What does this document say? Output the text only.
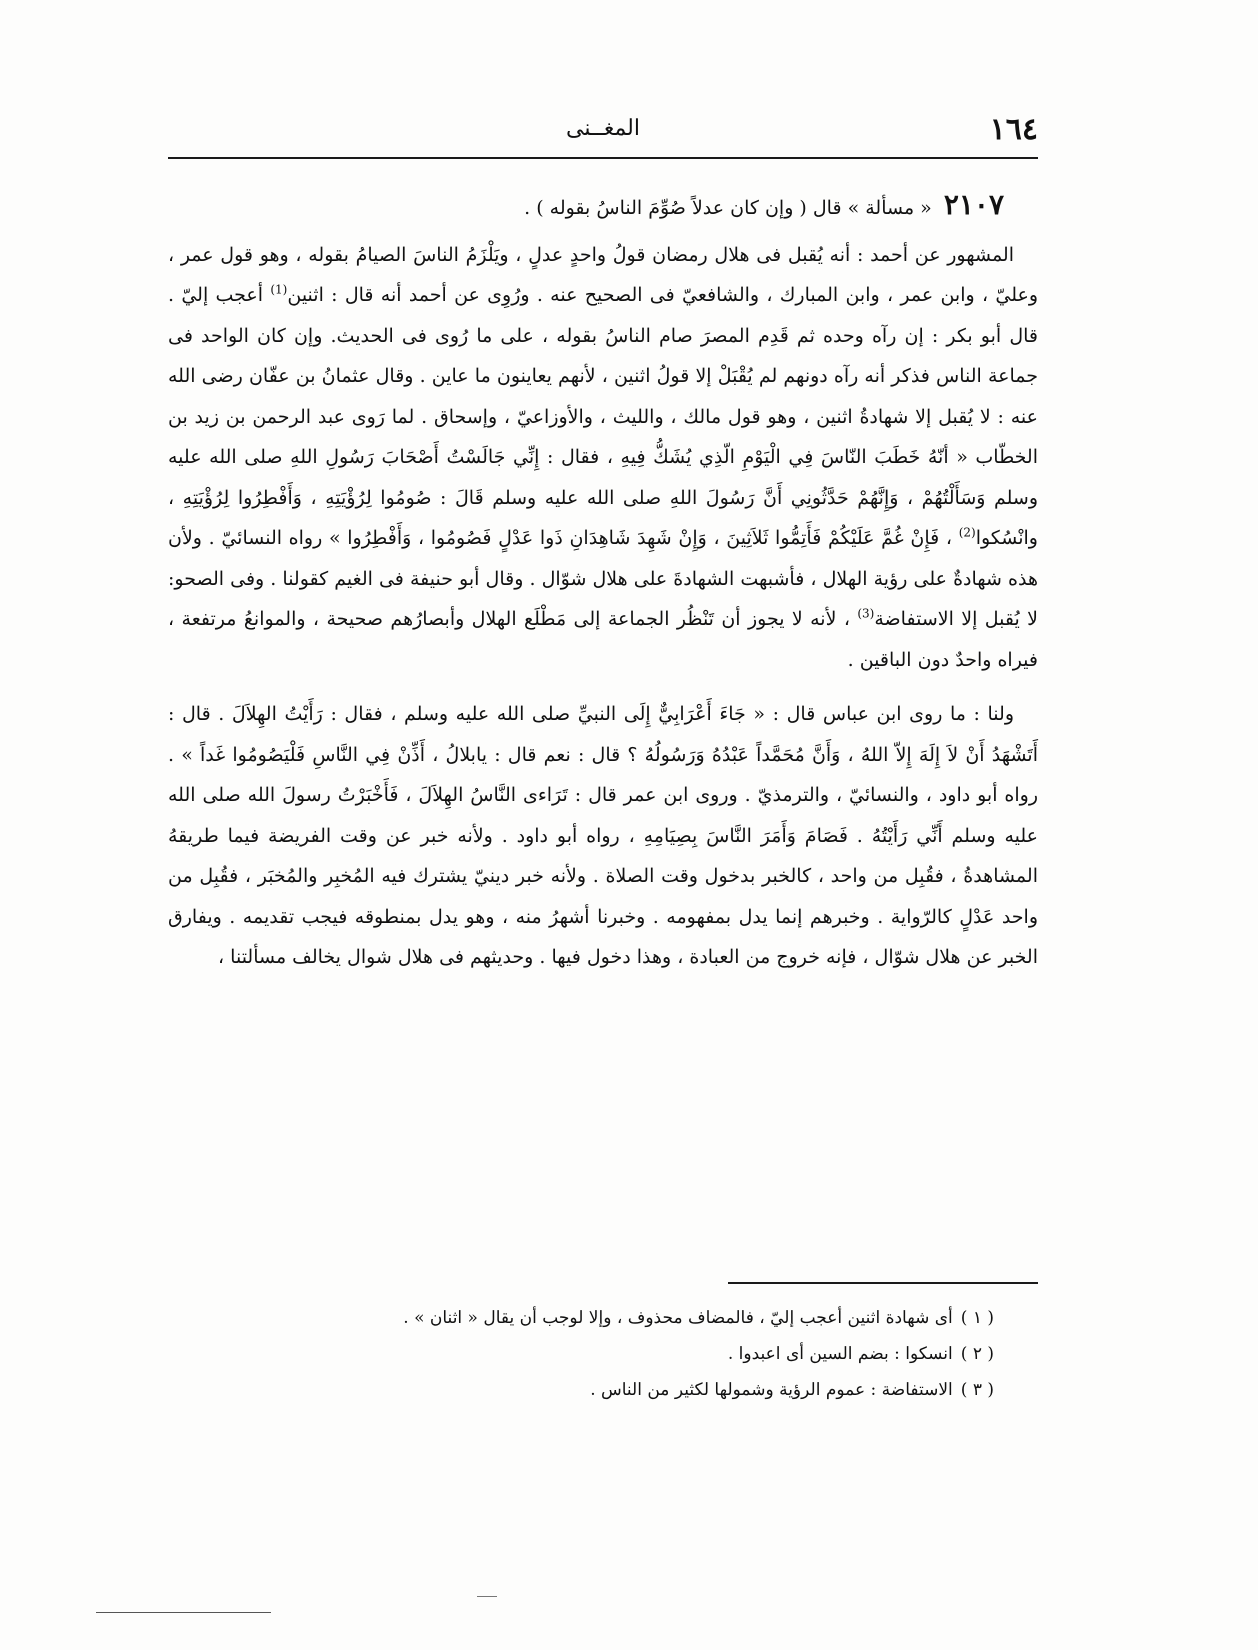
١٦٤
المغــنى

٢١٠٧ « مسألة » قال ( وإن كان عدلاً صُوِّمَ الناسُ بقوله ) .

المشهور عن أحمد : أنه يُقبل فى هلال رمضان قولُ واحدٍ عدلٍ ، ويَلْزَمُ الناسَ الصيامُ بقوله ، وهو قول عمر ، وعليّ ، وابن عمر ، وابن المبارك ، والشافعيّ فى الصحيح عنه . ورُوِى عن أحمد أنه قال : اثنين$^{(1)}$ أعجب إليّ . قال أبو بكر : إن رآه وحده ثم قَدِم المصرَ صام الناسُ بقوله ، على ما رُوى فى الحديث. وإن كان الواحد فى جماعة الناس فذكر أنه رآه دونهم لم يُقْبَلْ إلا قولُ اثنين ، لأنهم يعاينون ما عاين . وقال عثمانُ بن عفّان رضى الله عنه : لا يُقبل إلا شهادةُ اثنين ، وهو قول مالك ، والليث ، والأوزاعيّ ، وإسحاق . لما رَوى عبد الرحمن بن زيد بن الخطّاب « أنّهُ خَطَبَ النّاسَ فِي الْيَوْمِ الّذِي يُشَكُّ فِيهِ ، فقال : إِنِّي جَالَسْتُ أَصْحَابَ رَسُولِ اللهِ صلى الله عليه وسلم وَسَأَلْتُهُمْ ، وَإِنَّهُمْ حَدَّثُونِي أَنَّ رَسُولَ اللهِ صلى الله عليه وسلم قَالَ : صُومُوا لِرُؤْيَتِهِ ، وَأَفْطِرُوا لِرُؤْيَتِهِ ، وانْسُكوا$^{(2)}$ ، فَإِنْ غُمَّ عَلَيْكُمْ فَأَتِمُّوا ثَلاَثِينَ ، وَإِنْ شَهِدَ شَاهِدَانِ ذَوا عَدْلٍ فَصُومُوا ، وَأَفْطِرُوا » رواه النسائيّ . ولأن هذه شهادةٌ على رؤية الهلال ، فأشبهت الشهادةَ على هلال شوّال . وقال أبو حنيفة فى الغيم كقولنا . وفى الصحو: لا يُقبل إلا الاستفاضة$^{(3)}$ ، لأنه لا يجوز أن تَنْظُر الجماعة إلى مَطْلَع الهلال وأبصارُهم صحيحة ، والموانعُ مرتفعة ، فيراه واحدٌ دون الباقين .

ولنا : ما روى ابن عباس قال : « جَاءَ أَعْرَابِيٌّ إِلَى النبيِّ صلى الله عليه وسلم ، فقال : رَأَيْتُ الهِلاَلَ . قال : أَتَشْهَدُ أَنْ لاَ إِلَهَ إِلاّ اللهُ ، وَأَنَّ مُحَمَّداً عَبْدُهُ وَرَسُولُهُ ؟ قال : نعم قال : يابلالُ ، أَذِّنْ فِي النَّاسِ فَلْيَصُومُوا غَداً » . رواه أبو داود ، والنسائيّ ، والترمذيّ . وروى ابن عمر قال : تَرَاءى النَّاسُ الهِلاَلَ ، فَأَخْبَرْتُ رسولَ الله صلى الله عليه وسلم أَنِّي رَأَيْتُهُ . فَصَامَ وَأَمَرَ النَّاسَ بِصِيَامِهِ ، رواه أبو داود . ولأنه خبر عن وقت الفريضة فيما طريقهُ المشاهدةُ ، فقُبِل من واحد ، كالخبر بدخول وقت الصلاة . ولأنه خبر دينيّ يشترك فيه المُخبِر والمُخبَر ، فقُبِل من واحد عَدْلٍ كالرّواية . وخبرهم إنما يدل بمفهومه . وخبرنا أشهرُ منه ، وهو يدل بمنطوقه فيجب تقديمه . ويفارق الخبر عن هلال شوّال ، فإنه خروج من العبادة ، وهذا دخول فيها . وحديثهم فى هلال شوال يخالف مسألتنا ،

( ١ )أى شهادة اثنين أعجب إليّ ، فالمضاف محذوف ، وإلا لوجب أن يقال « اثنان » .

( ٢ )انسكوا : بضم السين أى اعبدوا .

( ٣ )الاستفاضة : عموم الرؤية وشمولها لكثير من الناس .
